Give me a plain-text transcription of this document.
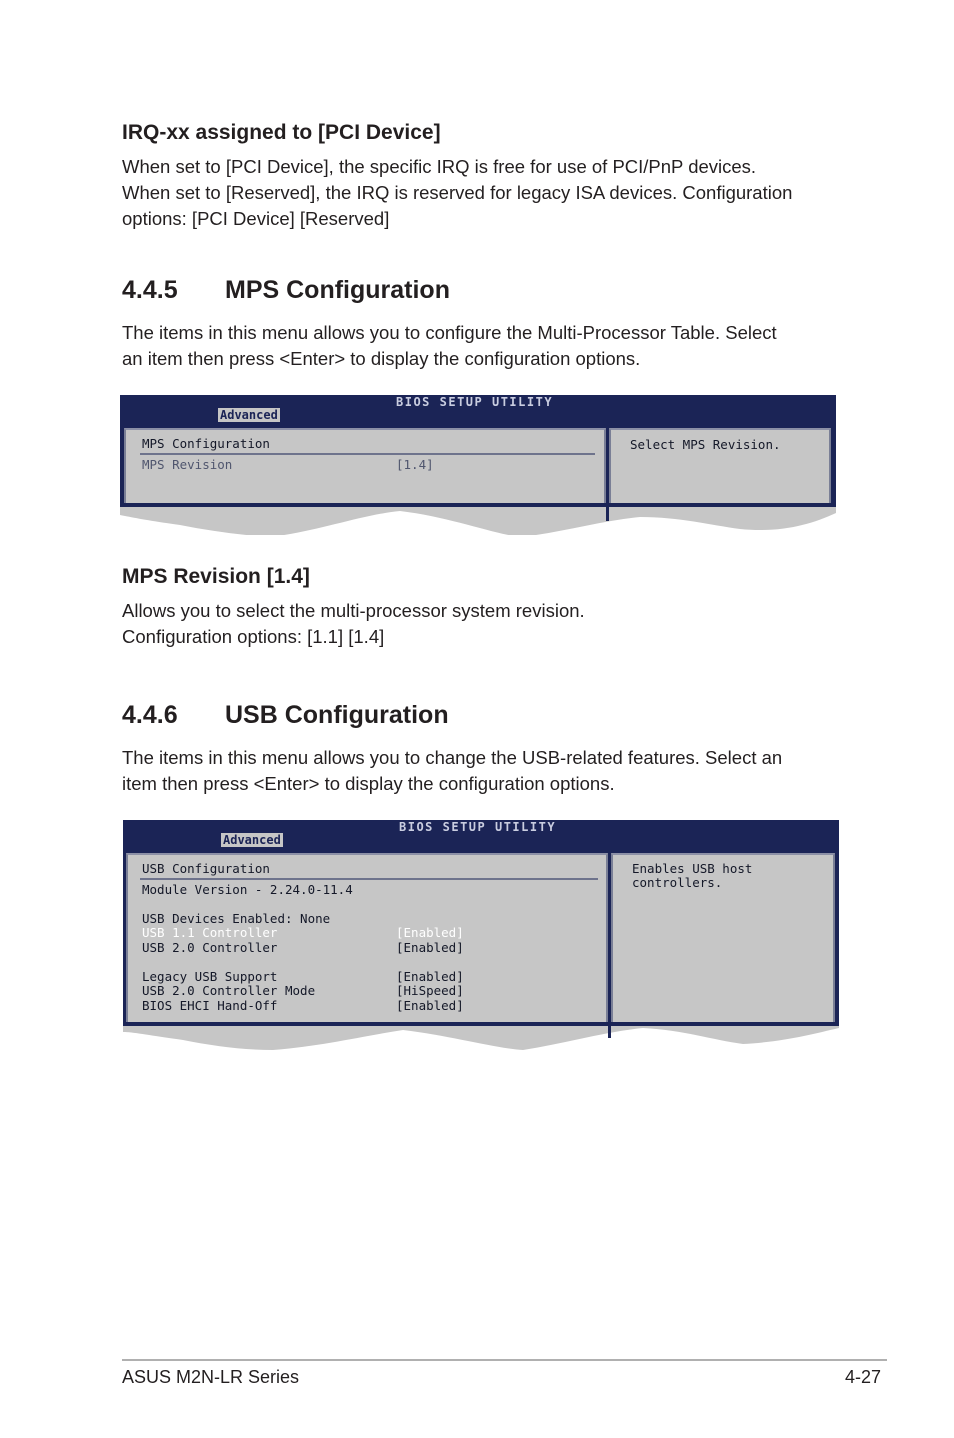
IRQ-xx assigned to [PCI Device]
When set to [PCI Device], the specific IRQ is free for use of PCI/PnP devices.
When set to [Reserved], the IRQ is reserved for legacy ISA devices. Configuration
options: [PCI Device] [Reserved]
4.4.5 MPS Configuration
The items in this menu allows you to configure the Multi-Processor Table. Select
an item then press <Enter> to display the configuration options.
BIOS SETUP UTILITY
Advanced
MPS Configuration
MPS Revision	[1.4]
Select MPS Revision.
MPS Revision [1.4]
Allows you to select the multi-processor system revision.
Configuration options: [1.1] [1.4]
4.4.6 USB Configuration
The items in this menu allows you to change the USB-related features. Select an
item then press <Enter> to display the configuration options.
BIOS SETUP UTILITY
Advanced
USB Configuration
Module Version - 2.24.0-11.4
USB Devices Enabled: None
USB 1.1 Controller	[Enabled]
USB 2.0 Controller	[Enabled]
Legacy USB Support	[Enabled]
USB 2.0 Controller Mode	[HiSpeed]
BIOS EHCI Hand-Off	[Enabled]
Enables USB host
controllers.
ASUS M2N-LR Series	4-27
